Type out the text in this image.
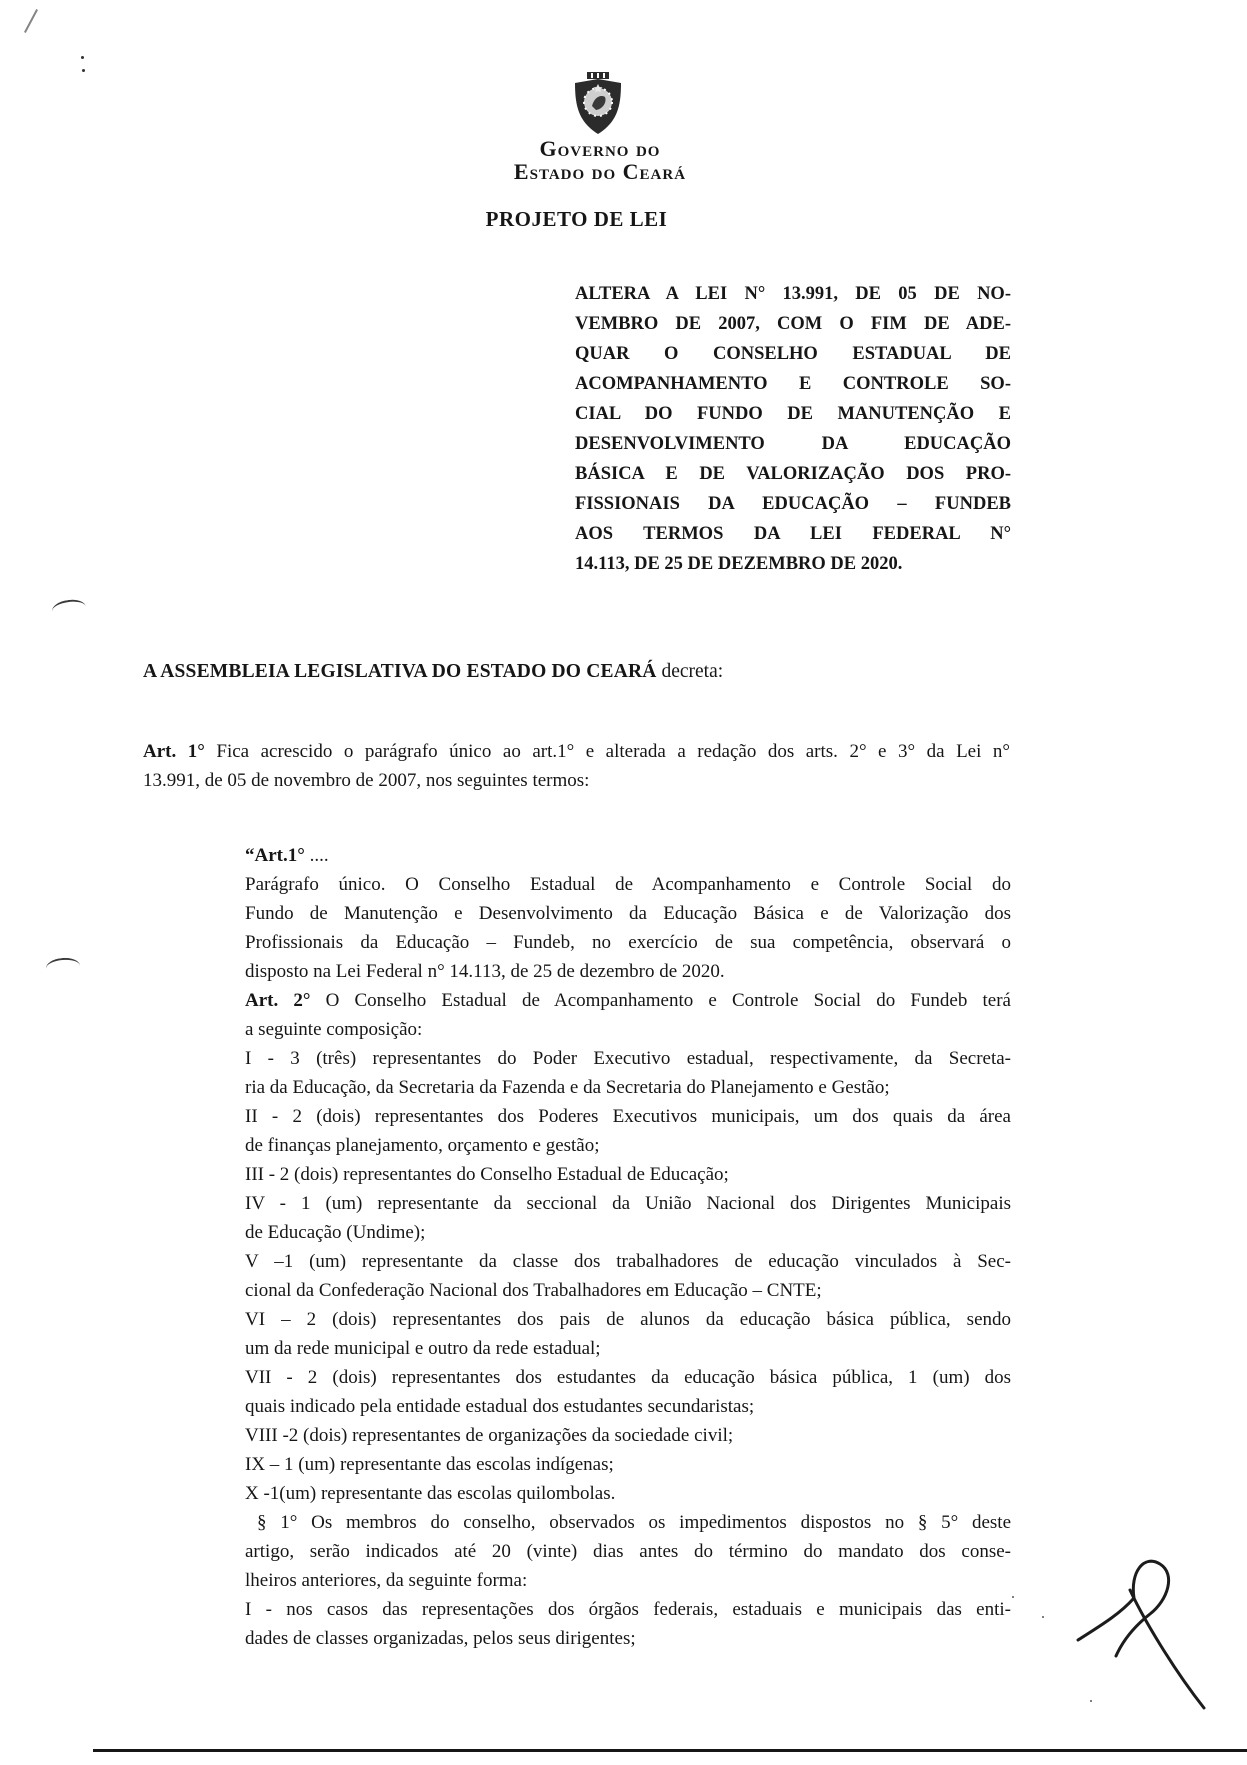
Governo do
Estado do Ceará
PROJETO DE LEI
ALTERA A LEI N° 13.991, DE 05 DE NO-
VEMBRO DE 2007, COM O FIM DE ADE-
QUAR O CONSELHO ESTADUAL DE
ACOMPANHAMENTO E CONTROLE SO-
CIAL DO FUNDO DE MANUTENÇÃO E
DESENVOLVIMENTO DA EDUCAÇÃO
BÁSICA E DE VALORIZAÇÃO DOS PRO-
FISSIONAIS DA EDUCAÇÃO – FUNDEB
AOS TERMOS DA LEI FEDERAL N°
14.113, DE 25 DE DEZEMBRO DE 2020.
A ASSEMBLEIA LEGISLATIVA DO ESTADO DO CEARÁ decreta:
Art. 1° Fica acrescido o parágrafo único ao art.1° e alterada a redação dos arts. 2° e 3° da Lei n°
13.991, de 05 de novembro de 2007, nos seguintes termos:
“Art.1° ....
Parágrafo único. O Conselho Estadual de Acompanhamento e Controle Social do
Fundo de Manutenção e Desenvolvimento da Educação Básica e de Valorização dos
Profissionais da Educação – Fundeb, no exercício de sua competência, observará o
disposto na Lei Federal n° 14.113, de 25 de dezembro de 2020.
Art. 2° O Conselho Estadual de Acompanhamento e Controle Social do Fundeb terá
a seguinte composição:
I - 3 (três) representantes do Poder Executivo estadual, respectivamente, da Secreta-
ria da Educação, da Secretaria da Fazenda e da Secretaria do Planejamento e Gestão;
II - 2 (dois) representantes dos Poderes Executivos municipais, um dos quais da área
de finanças planejamento, orçamento e gestão;
III - 2 (dois) representantes do Conselho Estadual de Educação;
IV - 1 (um) representante da seccional da União Nacional dos Dirigentes Municipais
de Educação (Undime);
V –1 (um) representante da classe dos trabalhadores de educação vinculados à Sec-
cional da Confederação Nacional dos Trabalhadores em Educação – CNTE;
VI – 2 (dois) representantes dos pais de alunos da educação básica pública, sendo
um da rede municipal e outro da rede estadual;
VII - 2 (dois) representantes dos estudantes da educação básica pública, 1 (um) dos
quais indicado pela entidade estadual dos estudantes secundaristas;
VIII -2 (dois) representantes de organizações da sociedade civil;
IX – 1 (um) representante das escolas indígenas;
X -1(um) representante das escolas quilombolas.
§ 1° Os membros do conselho, observados os impedimentos dispostos no § 5° deste
artigo, serão indicados até 20 (vinte) dias antes do término do mandato dos conse-
lheiros anteriores, da seguinte forma:
I - nos casos das representações dos órgãos federais, estaduais e municipais das enti-
dades de classes organizadas, pelos seus dirigentes;
